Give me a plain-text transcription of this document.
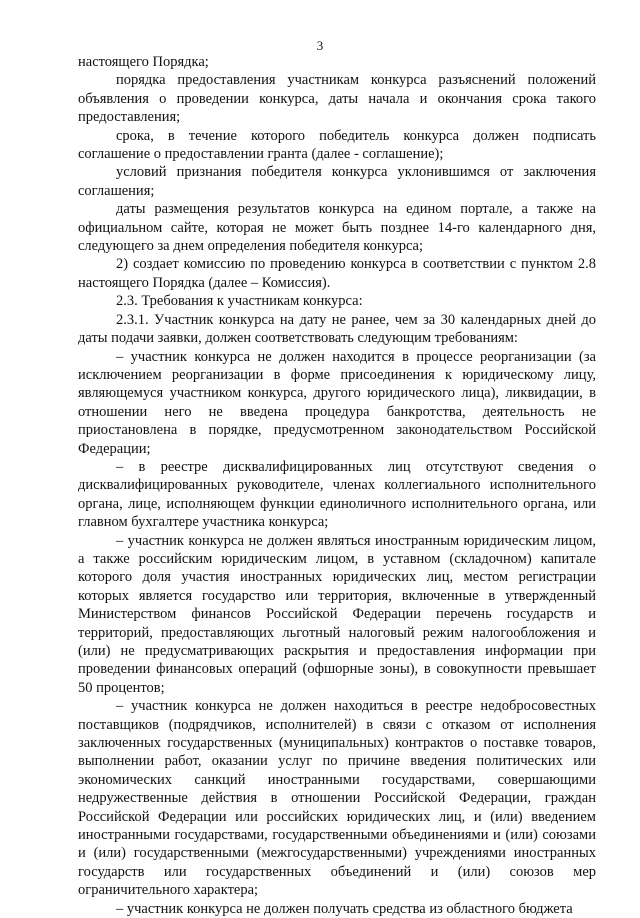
3

настоящего Порядка;

порядка предоставления участникам конкурса разъяснений положений объявления о проведении конкурса, даты начала и окончания срока такого предоставления;

срока, в течение которого победитель конкурса должен подписать соглашение о предоставлении гранта (далее - соглашение);

условий признания победителя конкурса уклонившимся от заключения соглашения;

даты размещения результатов конкурса на едином портале, а также на официальном сайте, которая не может быть позднее 14-го календарного дня, следующего за днем определения победителя конкурса;

2) создает комиссию по проведению конкурса в соответствии с пунктом 2.8 настоящего Порядка (далее – Комиссия).

2.3. Требования к участникам конкурса:

2.3.1. Участник конкурса на дату не ранее, чем за 30 календарных дней до даты подачи заявки, должен соответствовать следующим требованиям:

– участник конкурса не должен находится в процессе реорганизации (за исключением реорганизации в форме присоединения к юридическому лицу, являющемуся участником конкурса, другого юридического лица), ликвидации, в отношении него не введена процедура банкротства, деятельность не приостановлена в порядке, предусмотренном законодательством Российской Федерации;

– в реестре дисквалифицированных лиц отсутствуют сведения о дисквалифицированных руководителе, членах коллегиального исполнительного органа, лице, исполняющем функции единоличного исполнительного органа, или главном бухгалтере участника конкурса;

– участник конкурса не должен являться иностранным юридическим лицом, а также российским юридическим лицом, в уставном (складочном) капитале которого доля участия иностранных юридических лиц, местом регистрации которых является государство или территория, включенные в утвержденный Министерством финансов Российской Федерации перечень государств и территорий, предоставляющих льготный налоговый режим налогообложения и (или) не предусматривающих раскрытия и предоставления информации при проведении финансовых операций (офшорные зоны), в совокупности превышает 50 процентов;

– участник конкурса не должен находиться в реестре недобросовестных поставщиков (подрядчиков, исполнителей) в связи с отказом от исполнения заключенных государственных (муниципальных) контрактов о поставке товаров, выполнении работ, оказании услуг по причине введения политических или экономических санкций иностранными государствами, совершающими недружественные действия в отношении Российской Федерации, граждан Российской Федерации или российских юридических лиц, и (или) введением иностранными государствами, государственными объединениями и (или) союзами и (или) государственными (межгосударственными) учреждениями иностранных государств или государственных объединений и (или) союзов мер ограничительного характера;

– участник конкурса не должен получать средства из областного бюджета
